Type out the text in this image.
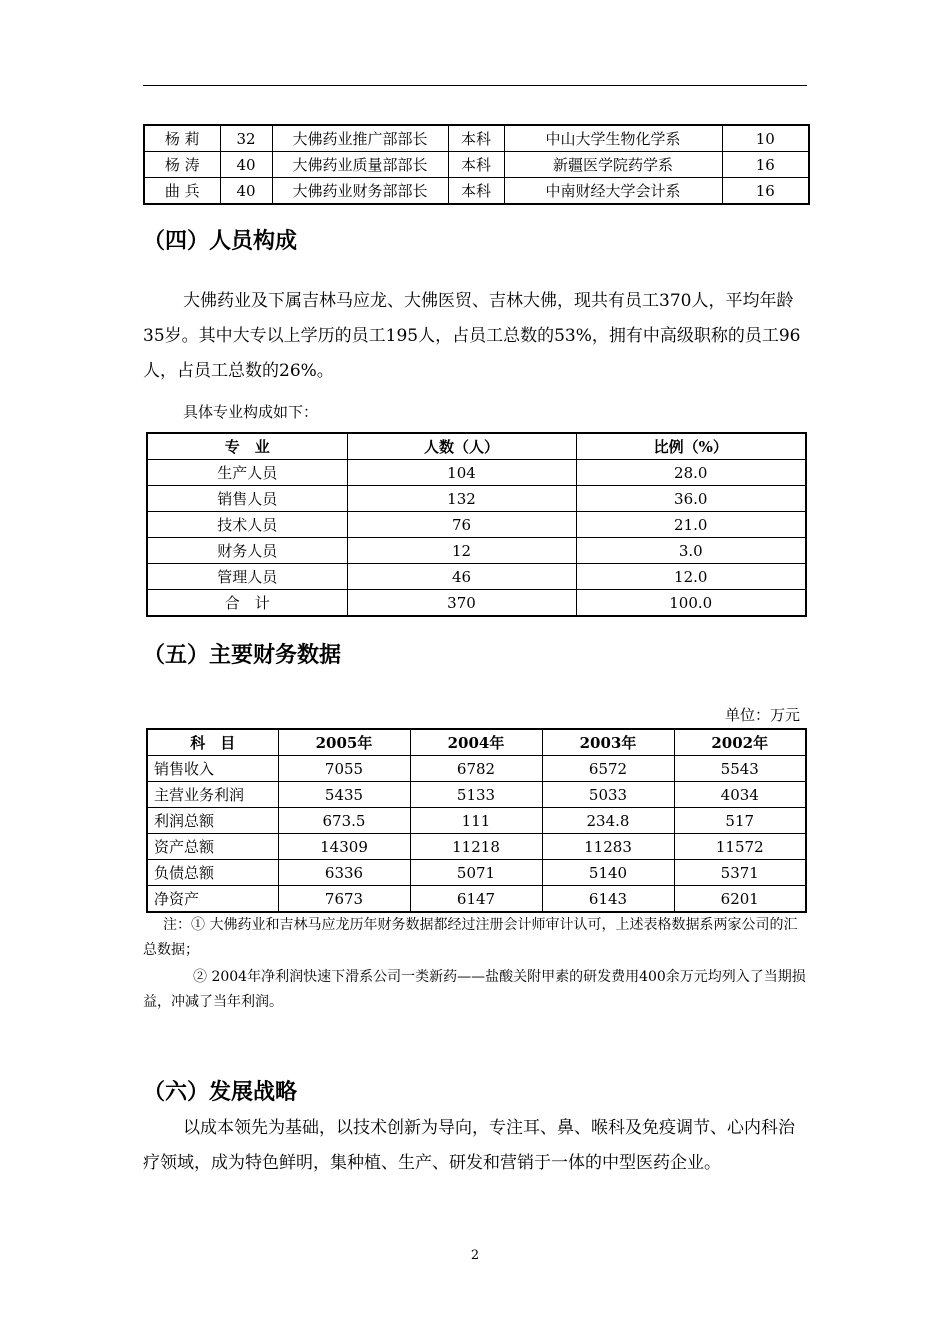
杨 莉	32	大佛药业推广部部长	本科	中山大学生物化学系	10
杨 涛	40	大佛药业质量部部长	本科	新疆医学院药学系	16
曲 兵	40	大佛药业财务部部长	本科	中南财经大学会计系	16
（四）人员构成
大佛药业及下属吉林马应龙、大佛医贸、吉林大佛，现共有员工370人，平均年龄35岁。其中大专以上学历的员工195人，占员工总数的53%，拥有中高级职称的员工96人，占员工总数的26%。
具体专业构成如下：
专　业	人数（人）	比例（%）
生产人员	104	28.0
销售人员	132	36.0
技术人员	76	21.0
财务人员	12	3.0
管理人员	46	12.0
合　计	370	100.0
（五）主要财务数据
单位：万元
科　目	2005年	2004年	2003年	2002年
销售收入	7055	6782	6572	5543
主营业务利润	5435	5133	5033	4034
利润总额	673.5	111	234.8	517
资产总额	14309	11218	11283	11572
负债总额	6336	5071	5140	5371
净资产	7673	6147	6143	6201
注：① 大佛药业和吉林马应龙历年财务数据都经过注册会计师审计认可，上述表格数据系两家公司的汇总数据；
② 2004年净利润快速下滑系公司一类新药——盐酸关附甲素的研发费用400余万元均列入了当期损益，冲减了当年利润。
（六）发展战略
以成本领先为基础，以技术创新为导向，专注耳、鼻、喉科及免疫调节、心内科治疗领域，成为特色鲜明，集种植、生产、研发和营销于一体的中型医药企业。
2
